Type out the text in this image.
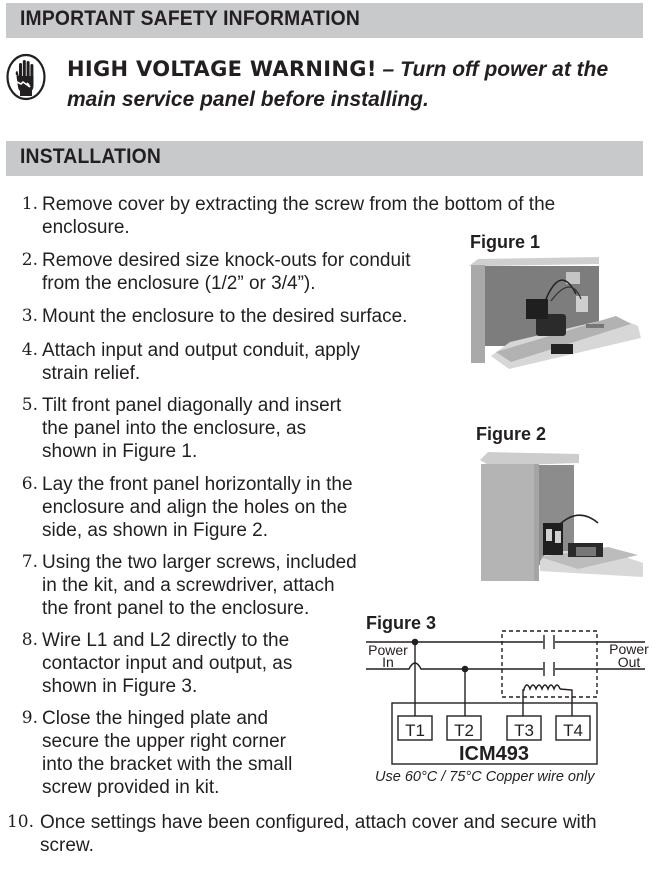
IMPORTANT SAFETY INFORMATION
HIGH VOLTAGE WARNING! – Turn off power at the
main service panel before installing.
INSTALLATION
1. Remove cover by extracting the screw from the bottom of the
enclosure.
2. Remove desired size knock-outs for conduit
from the enclosure (1/2” or 3/4”).
3. Mount the enclosure to the desired surface.
4. Attach input and output conduit, apply
strain relief.
5. Tilt front panel diagonally and insert
the panel into the enclosure, as
shown in Figure 1.
6. Lay the front panel horizontally in the
enclosure and align the holes on the
side, as shown in Figure 2.
7. Using the two larger screws, included
in the kit, and a screwdriver, attach
the front panel to the enclosure.
8. Wire L1 and L2 directly to the
contactor input and output, as
shown in Figure 3.
9. Close the hinged plate and
secure the upper right corner
into the bracket with the small
screw provided in kit.
10. Once settings have been configured, attach cover and secure with
screw.
Figure 1
Figure 2
Figure 3
Power
In
Power
Out
T1 T2 T3 T4
ICM493
Use 60°C / 75°C Copper wire only
